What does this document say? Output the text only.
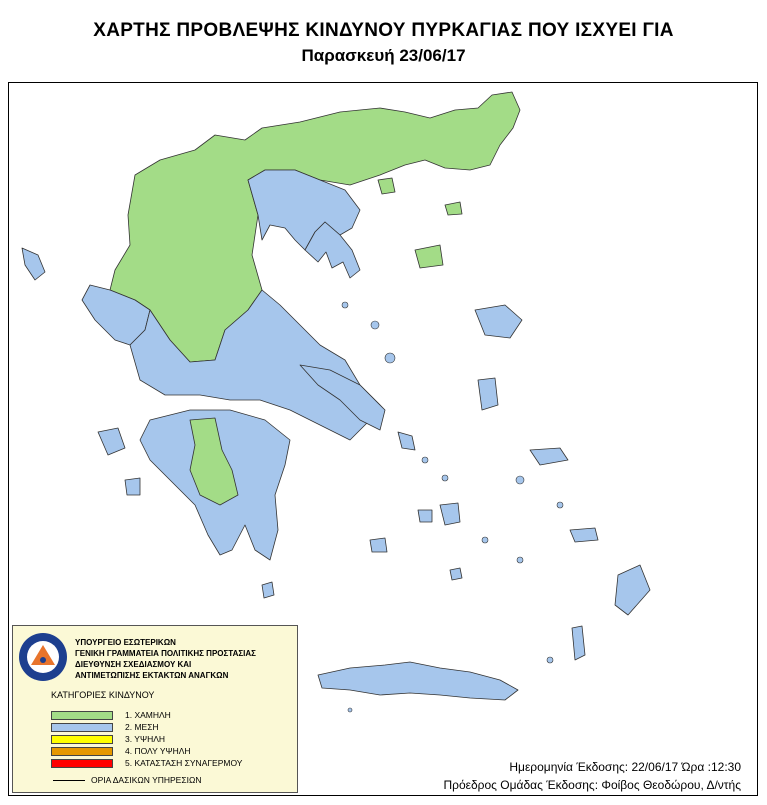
ΧΑΡΤΗΣ ΠΡΟΒΛΕΨΗΣ ΚΙΝΔΥΝΟΥ ΠΥΡΚΑΓΙΑΣ ΠΟΥ ΙΣΧΥΕΙ ΓΙΑ
Παρασκευή 23/06/17
ΥΠΟΥΡΓΕΙΟ ΕΣΩΤΕΡΙΚΩΝ
ΓΕΝΙΚΗ ΓΡΑΜΜΑΤΕΙΑ ΠΟΛΙΤΙΚΗΣ ΠΡΟΣΤΑΣΙΑΣ
ΔΙΕΥΘΥΝΣΗ ΣΧΕΔΙΑΣΜΟΥ ΚΑΙ
ΑΝΤΙΜΕΤΩΠΙΣΗΣ ΕΚΤΑΚΤΩΝ ΑΝΑΓΚΩΝ
ΚΑΤΗΓΟΡΙΕΣ ΚΙΝΔΥΝΟΥ
1. ΧΑΜΗΛΗ
2. ΜΕΣΗ
3. ΥΨΗΛΗ
4. ΠΟΛΥ ΥΨΗΛΗ
5. ΚΑΤΑΣΤΑΣΗ ΣΥΝΑΓΕΡΜΟΥ
ΟΡΙΑ ΔΑΣΙΚΩΝ ΥΠΗΡΕΣΙΩΝ
Ημερομηνία Έκδοσης: 22/06/17 Ώρα :12:30
Πρόεδρος Ομάδας Έκδοσης: Φοίβος Θεοδώρου, Δ/ντής
